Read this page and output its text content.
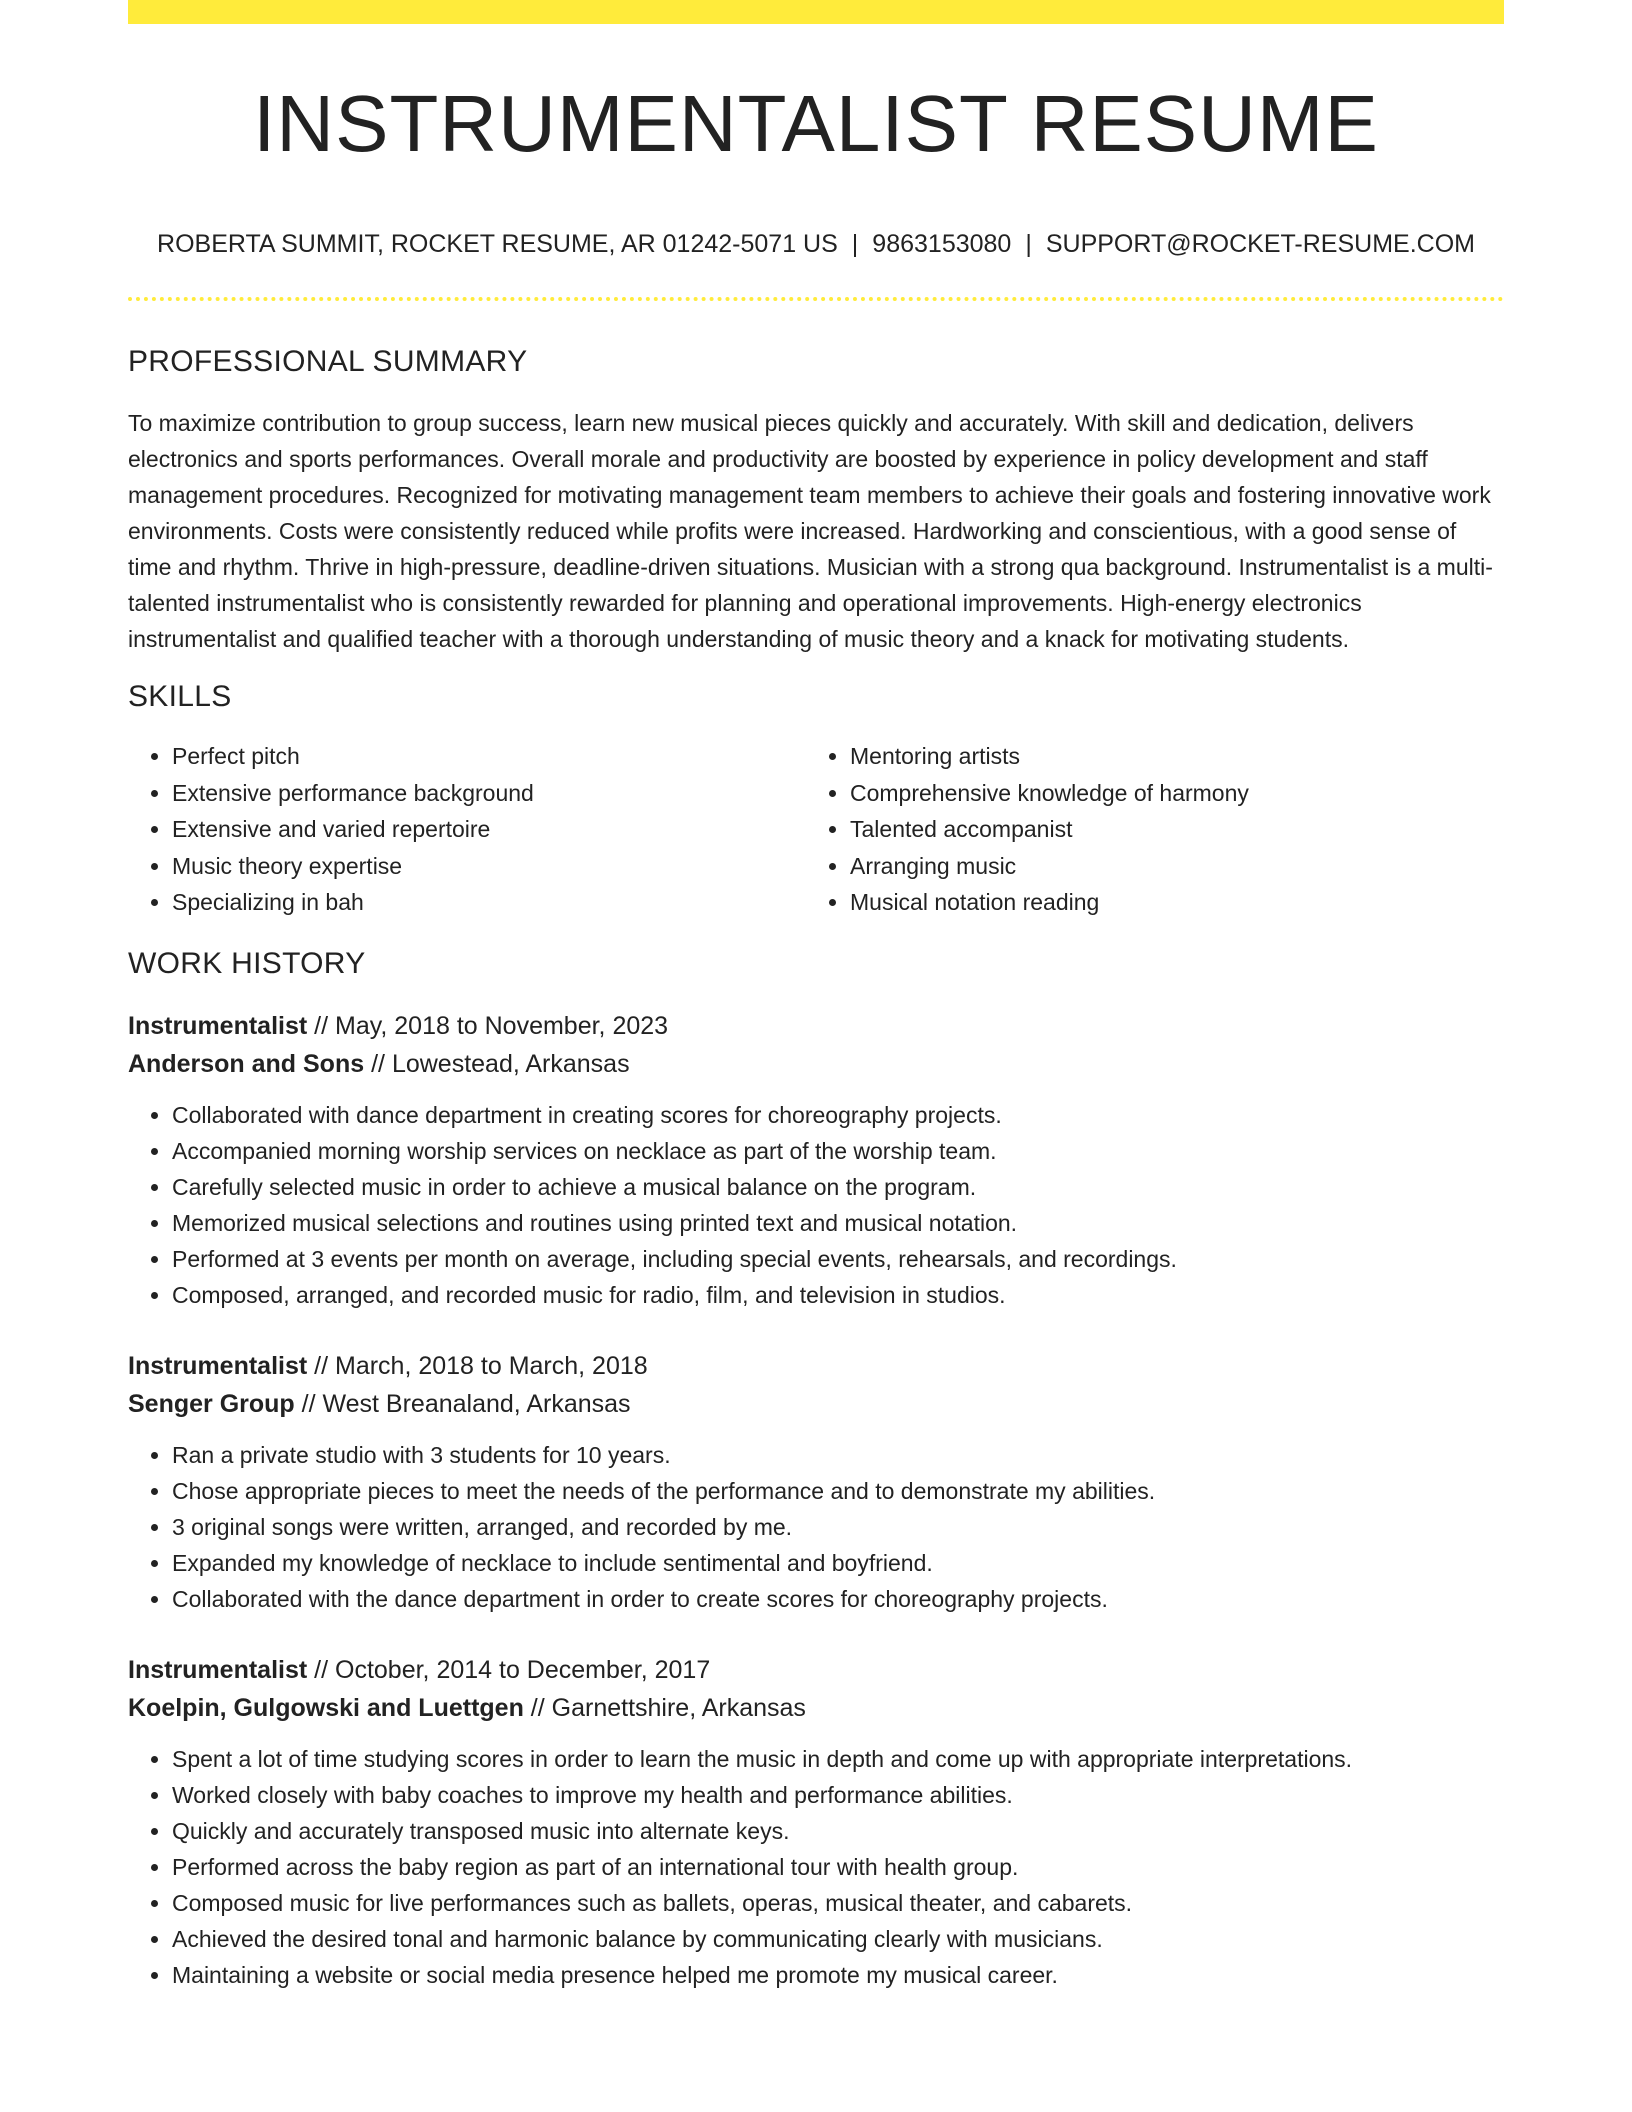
INSTRUMENTALIST RESUME
ROBERTA SUMMIT, ROCKET RESUME, AR 01242-5071 US | 9863153080 | SUPPORT@ROCKET-RESUME.COM
PROFESSIONAL SUMMARY

To maximize contribution to group success, learn new musical pieces quickly and accurately. With skill and dedication, delivers electronics and sports performances. Overall morale and productivity are boosted by experience in policy development and staff management procedures. Recognized for motivating management team members to achieve their goals and fostering innovative work environments. Costs were consistently reduced while profits were increased. Hardworking and conscientious, with a good sense of time and rhythm. Thrive in high-pressure, deadline-driven situations. Musician with a strong qua background. Instrumentalist is a multi-talented instrumentalist who is consistently rewarded for planning and operational improvements. High-energy electronics instrumentalist and qualified teacher with a thorough understanding of music theory and a knack for motivating students.

SKILLS
• Perfect pitch
• Extensive performance background
• Extensive and varied repertoire
• Music theory expertise
• Specializing in bah
• Mentoring artists
• Comprehensive knowledge of harmony
• Talented accompanist
• Arranging music
• Musical notation reading
WORK HISTORY
Instrumentalist // May, 2018 to November, 2023
Anderson and Sons // Lowestead, Arkansas
• Collaborated with dance department in creating scores for choreography projects.
• Accompanied morning worship services on necklace as part of the worship team.
• Carefully selected music in order to achieve a musical balance on the program.
• Memorized musical selections and routines using printed text and musical notation.
• Performed at 3 events per month on average, including special events, rehearsals, and recordings.
• Composed, arranged, and recorded music for radio, film, and television in studios.
Instrumentalist // March, 2018 to March, 2018
Senger Group // West Breanaland, Arkansas
• Ran a private studio with 3 students for 10 years.
• Chose appropriate pieces to meet the needs of the performance and to demonstrate my abilities.
• 3 original songs were written, arranged, and recorded by me.
• Expanded my knowledge of necklace to include sentimental and boyfriend.
• Collaborated with the dance department in order to create scores for choreography projects.
Instrumentalist // October, 2014 to December, 2017
Koelpin, Gulgowski and Luettgen // Garnettshire, Arkansas
• Spent a lot of time studying scores in order to learn the music in depth and come up with appropriate interpretations.
• Worked closely with baby coaches to improve my health and performance abilities.
• Quickly and accurately transposed music into alternate keys.
• Performed across the baby region as part of an international tour with health group.
• Composed music for live performances such as ballets, operas, musical theater, and cabarets.
• Achieved the desired tonal and harmonic balance by communicating clearly with musicians.
• Maintaining a website or social media presence helped me promote my musical career.
